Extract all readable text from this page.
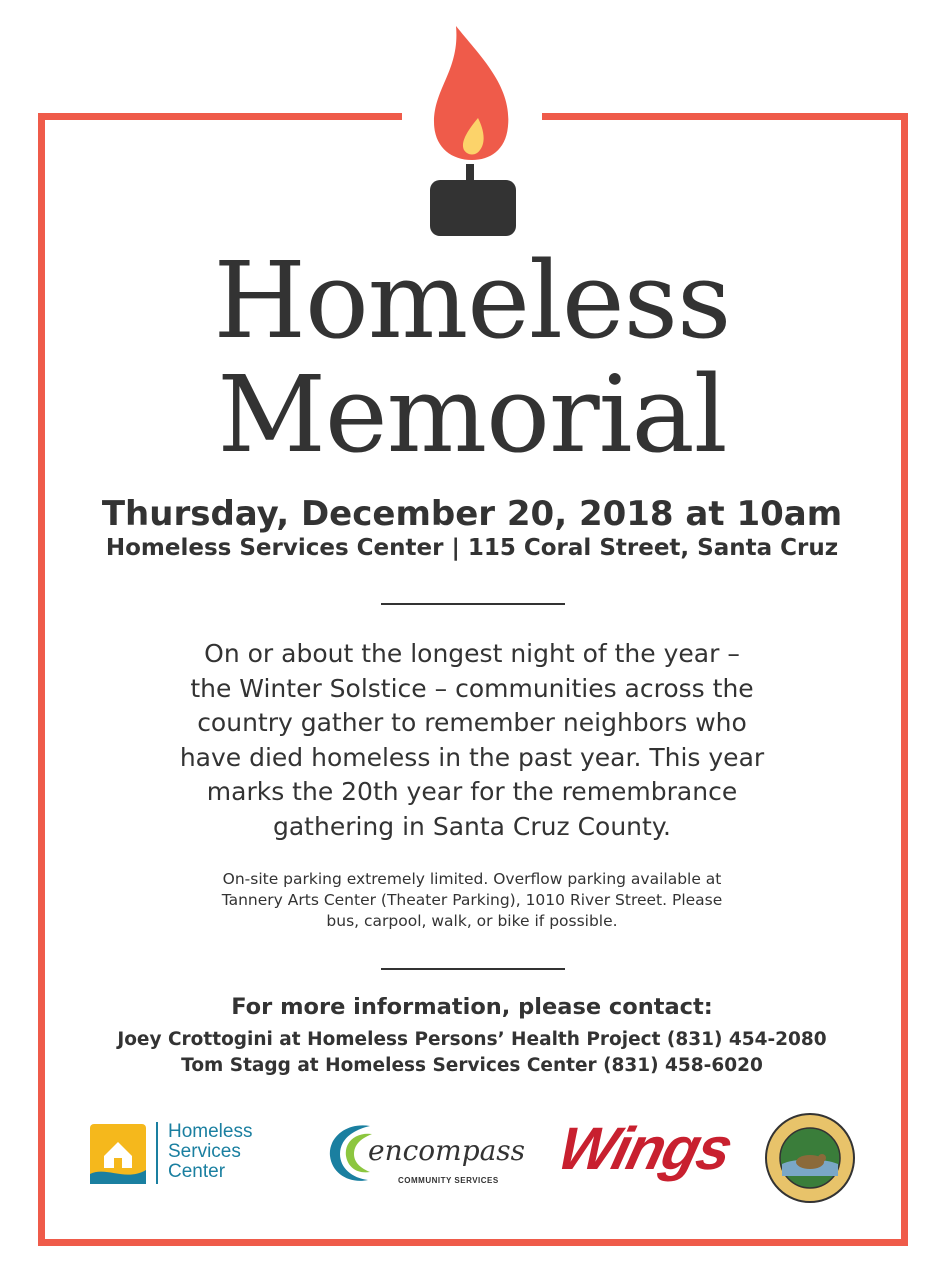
Homeless
Memorial
Thursday, December 20, 2018 at 10am
Homeless Services Center | 115 Coral Street, Santa Cruz
On or about the longest night of the year –
the Winter Solstice – communities across the
country gather to remember neighbors who
have died homeless in the past year. This year
marks the 20th year for the remembrance
gathering in Santa Cruz County.
On-site parking extremely limited. Overflow parking available at
Tannery Arts Center (Theater Parking), 1010 River Street. Please
bus, carpool, walk, or bike if possible.
For more information, please contact:
Joey Crottogini at Homeless Persons’ Health Project (831) 454-2080
Tom Stagg at Homeless Services Center (831) 458-6020
Homeless
Services
Center
encompass
COMMUNITY SERVICES Wings
